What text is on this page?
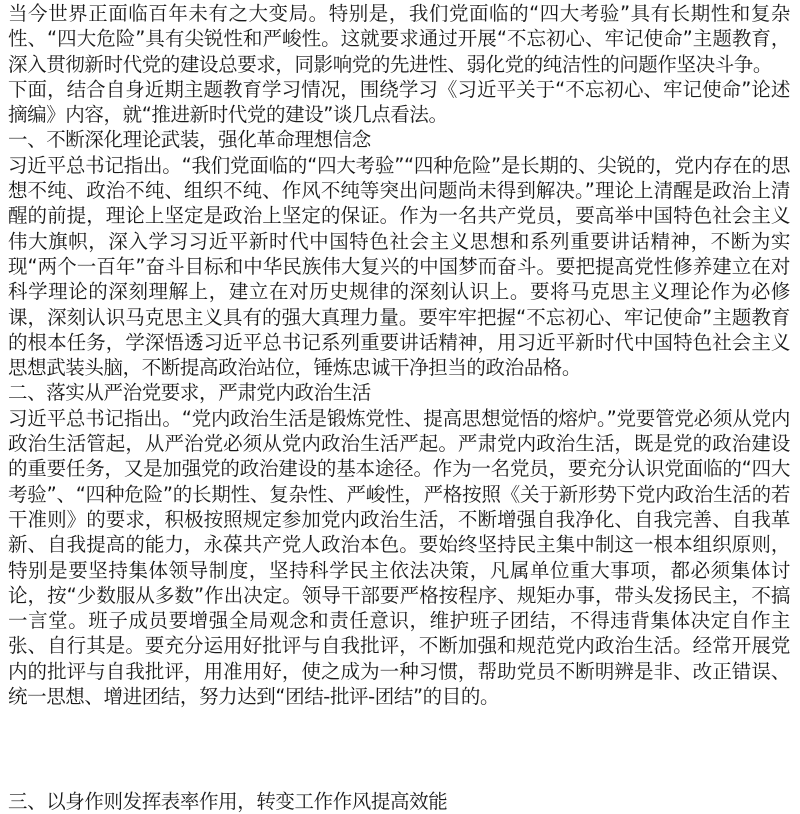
当今世界正面临百年未有之大变局。特别是，我们党面临的“四大考验”具有长期性和复杂性、“四大危险”具有尖锐性和严峻性。这就要求通过开展“不忘初心、牢记使命”主题教育，深入贯彻新时代党的建设总要求，同影响党的先进性、弱化党的纯洁性的问题作坚决斗争。

下面，结合自身近期主题教育学习情况，围绕学习《习近平关于“不忘初心、牢记使命”论述摘编》内容，就“推进新时代党的建设”谈几点看法。

一、不断深化理论武装，强化革命理想信念

习近平总书记指出。“我们党面临的“四大考验”“四种危险”是长期的、尖锐的，党内存在的思想不纯、政治不纯、组织不纯、作风不纯等突出问题尚未得到解决。”理论上清醒是政治上清醒的前提，理论上坚定是政治上坚定的保证。作为一名共产党员，要高举中国特色社会主义伟大旗帜，深入学习习近平新时代中国特色社会主义思想和系列重要讲话精神，不断为实现“两个一百年”奋斗目标和中华民族伟大复兴的中国梦而奋斗。要把提高党性修养建立在对科学理论的深刻理解上，建立在对历史规律的深刻认识上。要将马克思主义理论作为必修课，深刻认识马克思主义具有的强大真理力量。要牢牢把握“不忘初心、牢记使命”主题教育的根本任务，学深悟透习近平总书记系列重要讲话精神，用习近平新时代中国特色社会主义思想武装头脑，不断提高政治站位，锤炼忠诚干净担当的政治品格。

二、落实从严治党要求，严肃党内政治生活

习近平总书记指出。“党内政治生活是锻炼党性、提高思想觉悟的熔炉。”党要管党必须从党内政治生活管起，从严治党必须从党内政治生活严起。严肃党内政治生活，既是党的政治建设的重要任务，又是加强党的政治建设的基本途径。作为一名党员，要充分认识党面临的“四大考验”、“四种危险”的长期性、复杂性、严峻性，严格按照《关于新形势下党内政治生活的若干准则》的要求，积极按照规定参加党内政治生活，不断增强自我净化、自我完善、自我革新、自我提高的能力，永葆共产党人政治本色。要始终坚持民主集中制这一根本组织原则，特别是要坚持集体领导制度，坚持科学民主依法决策，凡属单位重大事项，都必须集体讨论，按“少数服从多数”作出决定。领导干部要严格按程序、规矩办事，带头发扬民主，不搞一言堂。班子成员要增强全局观念和责任意识，维护班子团结，不得违背集体决定自作主张、自行其是。要充分运用好批评与自我批评，不断加强和规范党内政治生活。经常开展党内的批评与自我批评，用准用好，使之成为一种习惯，帮助党员不断明辨是非、改正错误、统一思想、增进团结，努力达到“团结-批评-团结”的目的。

三、以身作则发挥表率作用，转变工作作风提高效能
